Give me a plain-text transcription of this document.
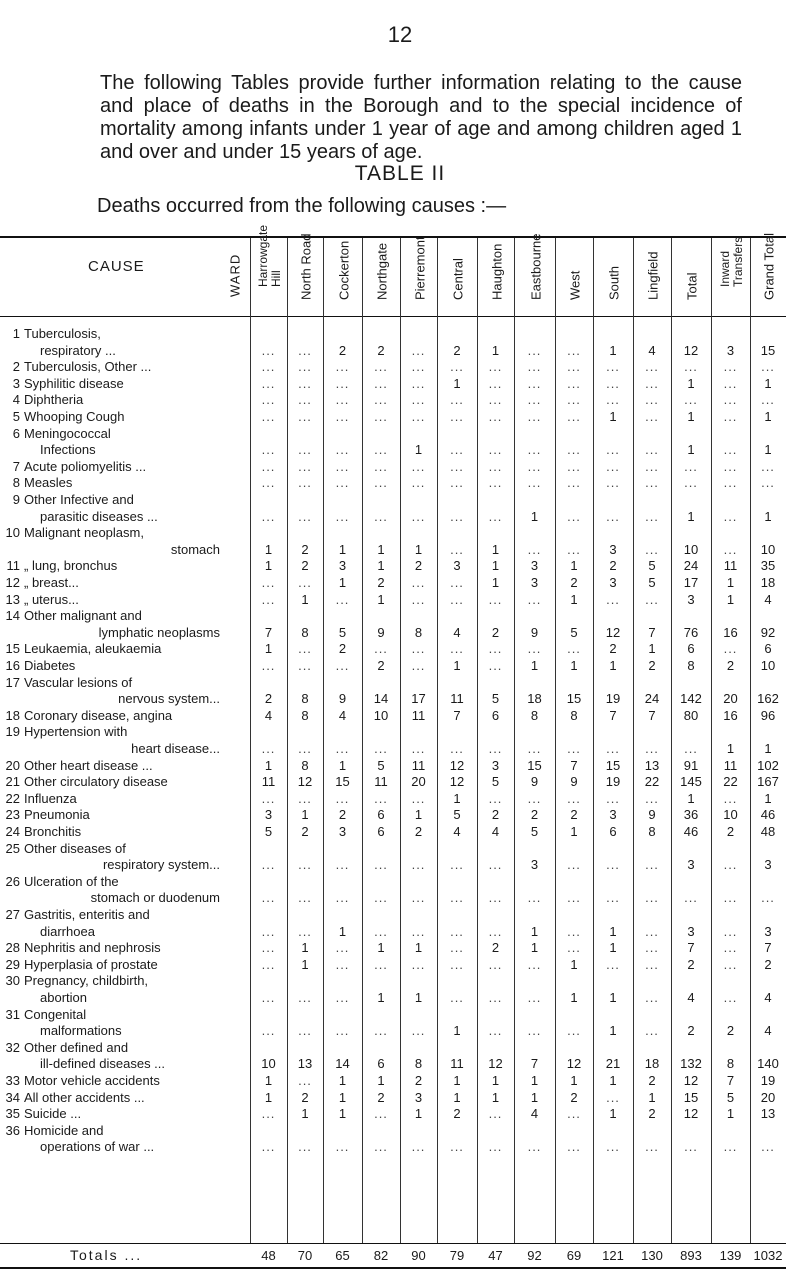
12
The following Tables provide further information relating to the cause and place of deaths in the Borough and to the special incidence of mortality among infants under 1 year of age and among children aged 1 and over and under 15 years of age.
TABLE II
Deaths occurred from the following causes :—
CAUSE	WARD Harrowgate Hill North Road Cockerton Northgate Pierremont Central Haughton Eastbourne West South Lingfield Total Inward Transfers Grand Total
1 Tuberculosis,
respiratory ...	...	...	2	2	...	2	1	...	...	1	4	12	3	15
2 Tuberculosis, Other ...	...	...	...	...	...	...	...	...	...	...	...	...	...	...
3 Syphilitic disease	...	...	...	...	...	1	...	...	...	...	...	1	...	1
4 Diphtheria	...	...	...	...	...	...	...	...	...	...	...	...	...	...
5 Whooping Cough	...	...	...	...	...	...	...	...	...	1	...	1	...	1
6 Meningococcal
Infections	...	...	...	...	1	...	...	...	...	...	...	1	...	1
7 Acute poliomyelitis ...	...	...	...	...	...	...	...	...	...	...	...	...	...	...
8 Measles	...	...	...	...	...	...	...	...	...	...	...	...	...	...
9 Other Infective and
parasitic diseases ...	...	...	...	...	...	...	...	1	...	...	...	1	...	1
10 Malignant neoplasm,
stomach	1	2	1	1	1	...	1	...	...	3	...	10	...	10
11 „ lung, bronchus	1	2	3	1	2	3	1	3	1	2	5	24	11	35
12 „ breast...	...	...	1	2	...	...	1	3	2	3	5	17	1	18
13 „ uterus...	...	1	...	1	...	...	...	...	1	...	...	3	1	4
14 Other malignant and
lymphatic neoplasms	7	8	5	9	8	4	2	9	5	12	7	76	16	92
15 Leukaemia, aleukaemia	1	...	2	...	...	...	...	...	...	2	1	6	...	6
16 Diabetes	...	...	...	2	...	1	...	1	1	1	2	8	2	10
17 Vascular lesions of
nervous system...	2	8	9	14	17	11	5	18	15	19	24	142	20	162
18 Coronary disease, angina	4	8	4	10	11	7	6	8	8	7	7	80	16	96
19 Hypertension with
heart disease...	...	...	...	...	...	...	...	...	...	...	...	...	1	1
20 Other heart disease ...	1	8	1	5	11	12	3	15	7	15	13	91	11	102
21 Other circulatory disease	11	12	15	11	20	12	5	9	9	19	22	145	22	167
22 Influenza	...	...	...	...	...	1	...	...	...	...	...	1	...	1
23 Pneumonia	3	1	2	6	1	5	2	2	2	3	9	36	10	46
24 Bronchitis	5	2	3	6	2	4	4	5	1	6	8	46	2	48
25 Other diseases of
respiratory system...	...	...	...	...	...	...	...	3	...	...	...	3	...	3
26 Ulceration of the
stomach or duodenum	...	...	...	...	...	...	...	...	...	...	...	...	...	...
27 Gastritis, enteritis and
diarrhoea	...	...	1	...	...	...	...	1	...	1	...	3	...	3
28 Nephritis and nephrosis	...	1	...	1	1	...	2	1	...	1	...	7	...	7
29 Hyperplasia of prostate	...	1	...	...	...	...	...	...	1	...	...	2	...	2
30 Pregnancy, childbirth,
abortion	...	...	...	1	1	...	...	...	1	1	...	4	...	4
31 Congenital
malformations	...	...	...	...	...	1	...	...	...	1	...	2	2	4
32 Other defined and
ill-defined diseases ...	10	13	14	6	8	11	12	7	12	21	18	132	8	140
33 Motor vehicle accidents	1	...	1	1	2	1	1	1	1	1	2	12	7	19
34 All other accidents ...	1	2	1	2	3	1	1	1	2	...	1	15	5	20
35 Suicide ...	...	1	1	...	1	2	...	4	...	1	2	12	1	13
36 Homicide and
operations of war ...	...	...	...	...	...	...	...	...	...	...	...	...	...	...
Totals ...	48	70	65	82	90	79	47	92	69	121	130	893	139 1032
